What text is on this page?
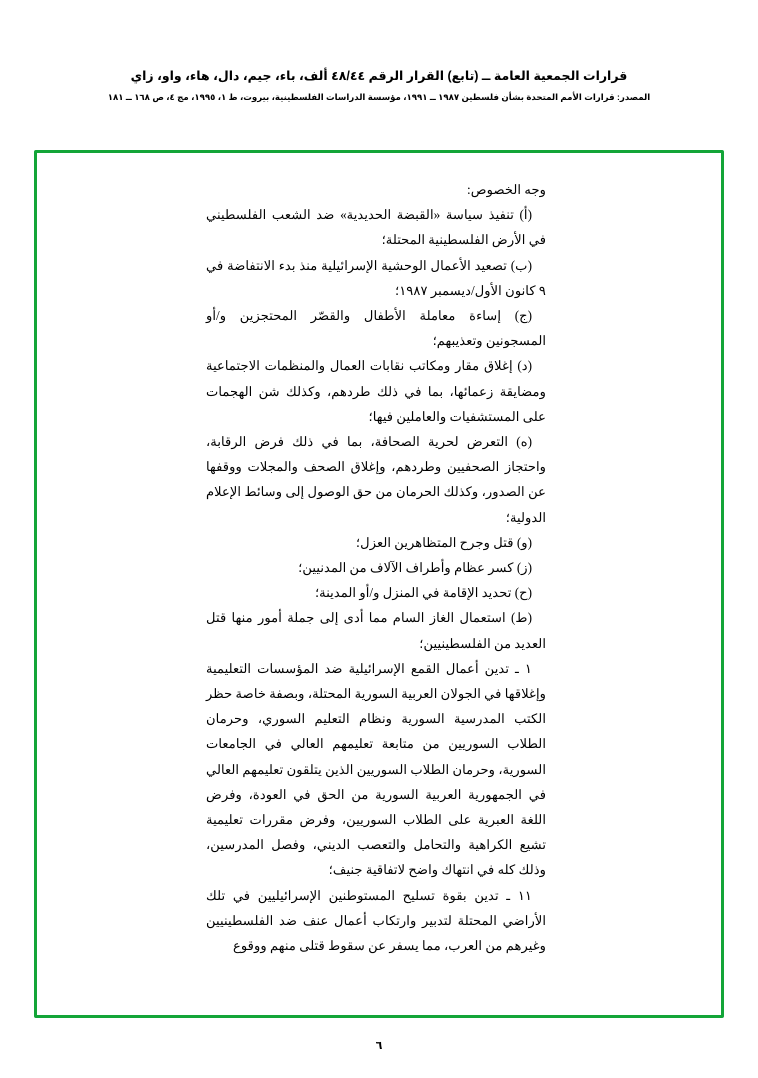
قرارات الجمعية العامة ــ (تابع) القرار الرقم ٤٨/٤٤ ألف، باء، جيم، دال، هاء، واو، زاي
المصدر: قرارات الأمم المتحدة بشأن فلسطين ١٩٨٧ ــ ١٩٩١، مؤسسة الدراسات الفلسطينية، بيروت، ط ١، ١٩٩٥، مج ٤، ص ١٦٨ ــ ١٨١

وجه الخصوص:

(أ) تنفيذ سياسة «القبضة الحديدية» ضد الشعب الفلسطيني في الأرض الفلسطينية المحتلة؛

(ب) تصعيد الأعمال الوحشية الإسرائيلية منذ بدء الانتفاضة في ٩ كانون الأول/ديسمبر ١٩٨٧؛

(ج) إساءة معاملة الأطفال والقصّر المحتجزين و/أو المسجونين وتعذيبهم؛

(د) إغلاق مقار ومكاتب نقابات العمال والمنظمات الاجتماعية ومضايقة زعمائها، بما في ذلك طردهم، وكذلك شن الهجمات على المستشفيات والعاملين فيها؛

(ه) التعرض لحرية الصحافة، بما في ذلك فرض الرقابة، واحتجاز الصحفيين وطردهم، وإغلاق الصحف والمجلات ووقفها عن الصدور، وكذلك الحرمان من حق الوصول إلى وسائط الإعلام الدولية؛

(و) قتل وجرح المتظاهرين العزل؛

(ز) كسر عظام وأطراف الآلاف من المدنيين؛

(ح) تحديد الإقامة في المنزل و/أو المدينة؛

(ط) استعمال الغاز السام مما أدى إلى جملة أمور منها قتل العديد من الفلسطينيين؛

١ ـ تدين أعمال القمع الإسرائيلية ضد المؤسسات التعليمية وإغلاقها في الجولان العربية السورية المحتلة، وبصفة خاصة حظر الكتب المدرسية السورية ونظام التعليم السوري، وحرمان الطلاب السوريين من متابعة تعليمهم العالي في الجامعات السورية، وحرمان الطلاب السوريين الذين يتلقون تعليمهم العالي في الجمهورية العربية السورية من الحق في العودة، وفرض اللغة العبرية على الطلاب السوريين، وفرض مقررات تعليمية تشيع الكراهية والتحامل والتعصب الديني، وفصل المدرسين، وذلك كله في انتهاك واضح لاتفاقية جنيف؛

١١ ـ تدين بقوة تسليح المستوطنين الإسرائيليين في تلك الأراضي المحتلة لتدبير وارتكاب أعمال عنف ضد الفلسطينيين وغيرهم من العرب، مما يسفر عن سقوط قتلى منهم ووقوع

٦
